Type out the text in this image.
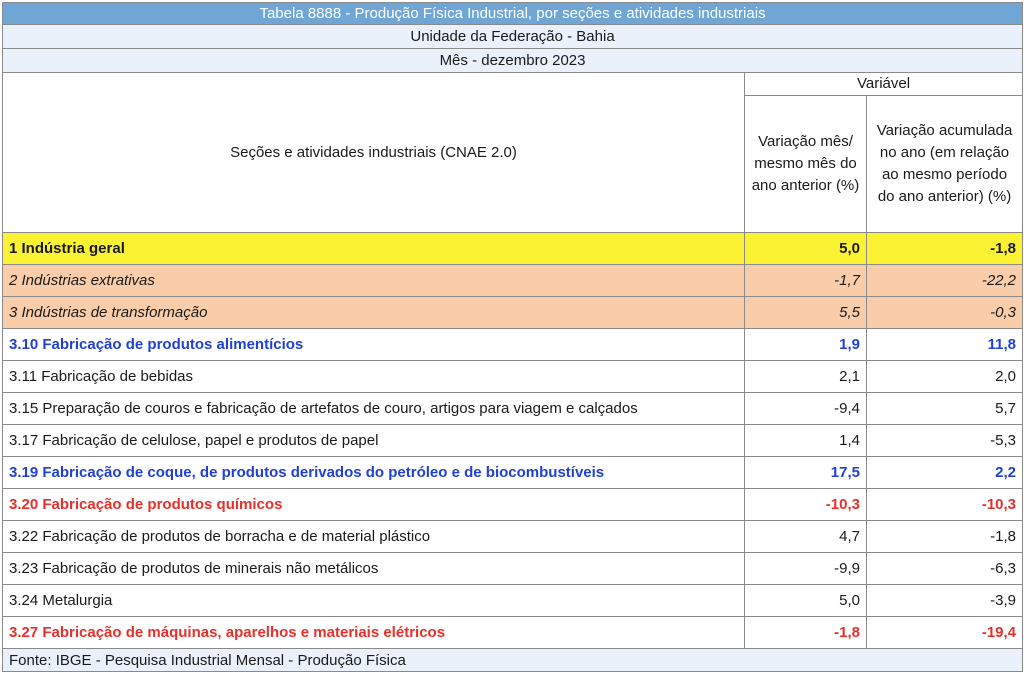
Tabela 8888 - Produção Física Industrial, por seções e atividades industriais		
Unidade da Federação - Bahia		
Mês - dezembro 2023		
Seções e atividades industriais (CNAE 2.0)	Variável	
	Variação mês/ mesmo mês do ano anterior (%)	Variação acumulada no ano (em relação ao mesmo período do ano anterior) (%)
1 Indústria geral	5,0	-1,8
2 Indústrias extrativas	-1,7	-22,2
3 Indústrias de transformação	5,5	-0,3
3.10 Fabricação de produtos alimentícios	1,9	11,8
3.11 Fabricação de bebidas	2,1	2,0
3.15 Preparação de couros e fabricação de artefatos de couro, artigos para viagem e calçados	-9,4	5,7
3.17 Fabricação de celulose, papel e produtos de papel	1,4	-5,3
3.19 Fabricação de coque, de produtos derivados do petróleo e de biocombustíveis	17,5	2,2
3.20 Fabricação de produtos químicos	-10,3	-10,3
3.22 Fabricação de produtos de borracha e de material plástico	4,7	-1,8
3.23 Fabricação de produtos de minerais não metálicos	-9,9	-6,3
3.24 Metalurgia	5,0	-3,9
3.27 Fabricação de máquinas, aparelhos e materiais elétricos	-1,8	-19,4
Fonte: IBGE - Pesquisa Industrial Mensal - Produção Física		
